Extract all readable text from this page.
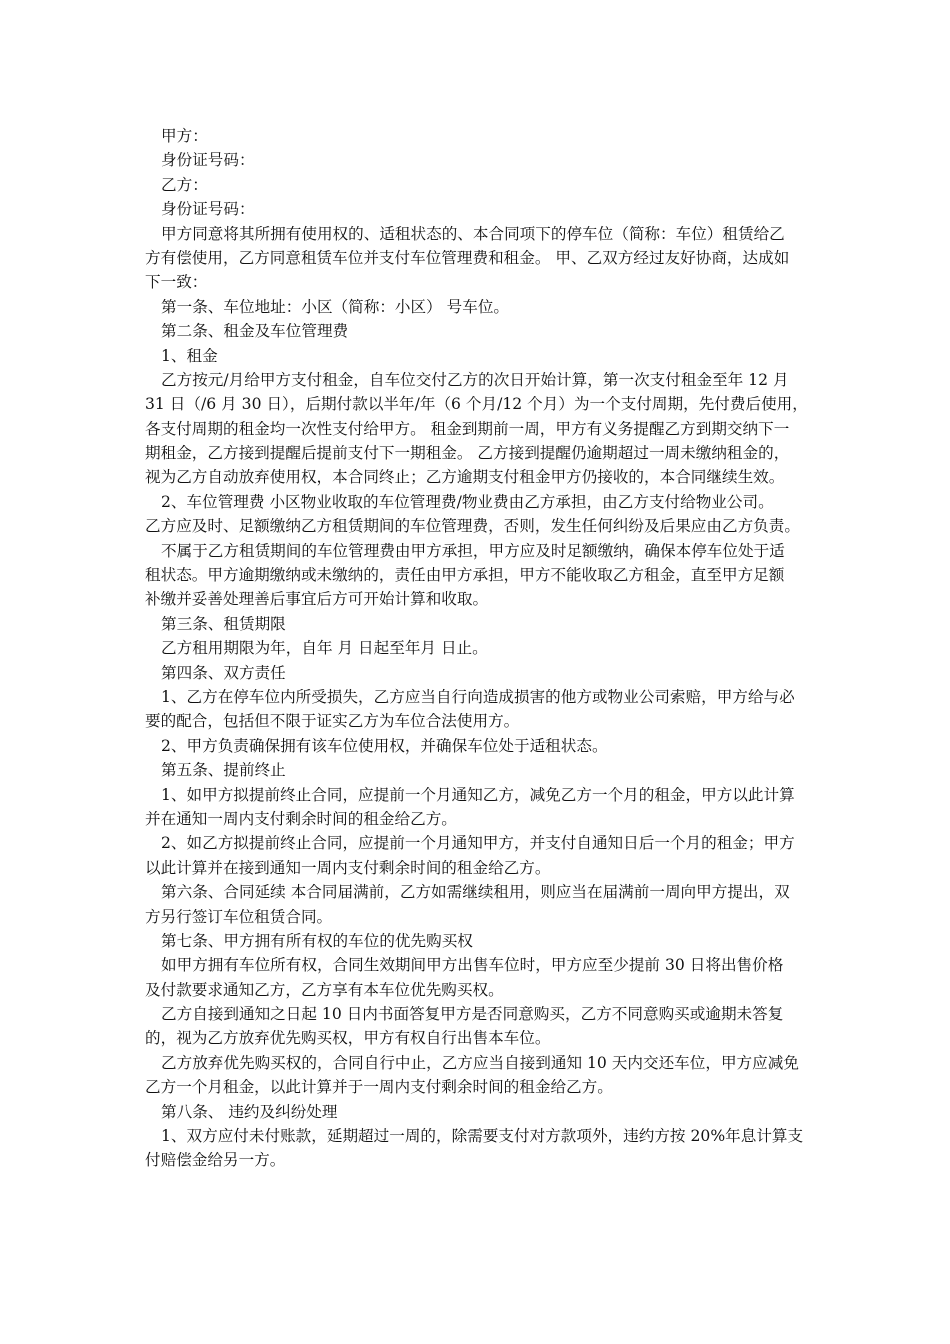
甲方：
身份证号码：
乙方：
身份证号码：
甲方同意将其所拥有使用权的、适租状态的、本合同项下的停车位（简称：车位）租赁给乙
方有偿使用，乙方同意租赁车位并支付车位管理费和租金。 甲、乙双方经过友好协商，达成如
下一致：
第一条、车位地址：小区（简称：小区） 号车位。
第二条、租金及车位管理费
1、租金
乙方按元/月给甲方支付租金，自车位交付乙方的次日开始计算，第一次支付租金至年 12 月
31 日（/6 月 30 日），后期付款以半年/年（6 个月/12 个月）为一个支付周期，先付费后使用，
各支付周期的租金均一次性支付给甲方。 租金到期前一周，甲方有义务提醒乙方到期交纳下一
期租金，乙方接到提醒后提前支付下一期租金。 乙方接到提醒仍逾期超过一周未缴纳租金的，
视为乙方自动放弃使用权，本合同终止；乙方逾期支付租金甲方仍接收的，本合同继续生效。
2、车位管理费 小区物业收取的车位管理费/物业费由乙方承担，由乙方支付给物业公司。
乙方应及时、足额缴纳乙方租赁期间的车位管理费，否则，发生任何纠纷及后果应由乙方负责。
不属于乙方租赁期间的车位管理费由甲方承担，甲方应及时足额缴纳，确保本停车位处于适
租状态。甲方逾期缴纳或未缴纳的，责任由甲方承担，甲方不能收取乙方租金，直至甲方足额
补缴并妥善处理善后事宜后方可开始计算和收取。
第三条、租赁期限
乙方租用期限为年，自年 月 日起至年月 日止。
第四条、双方责任
1、乙方在停车位内所受损失，乙方应当自行向造成损害的他方或物业公司索赔，甲方给与必
要的配合，包括但不限于证实乙方为车位合法使用方。
2、甲方负责确保拥有该车位使用权，并确保车位处于适租状态。
第五条、提前终止
1、如甲方拟提前终止合同，应提前一个月通知乙方，减免乙方一个月的租金，甲方以此计算
并在通知一周内支付剩余时间的租金给乙方。
2、如乙方拟提前终止合同，应提前一个月通知甲方，并支付自通知日后一个月的租金；甲方
以此计算并在接到通知一周内支付剩余时间的租金给乙方。
第六条、合同延续 本合同届满前，乙方如需继续租用，则应当在届满前一周向甲方提出，双
方另行签订车位租赁合同。
第七条、甲方拥有所有权的车位的优先购买权
如甲方拥有车位所有权，合同生效期间甲方出售车位时，甲方应至少提前 30 日将出售价格
及付款要求通知乙方，乙方享有本车位优先购买权。
乙方自接到通知之日起 10 日内书面答复甲方是否同意购买，乙方不同意购买或逾期未答复
的，视为乙方放弃优先购买权，甲方有权自行出售本车位。
乙方放弃优先购买权的，合同自行中止，乙方应当自接到通知 10 天内交还车位，甲方应减免
乙方一个月租金，以此计算并于一周内支付剩余时间的租金给乙方。
第八条、 违约及纠纷处理
1、双方应付未付账款，延期超过一周的，除需要支付对方款项外，违约方按 20%年息计算支
付赔偿金给另一方。
